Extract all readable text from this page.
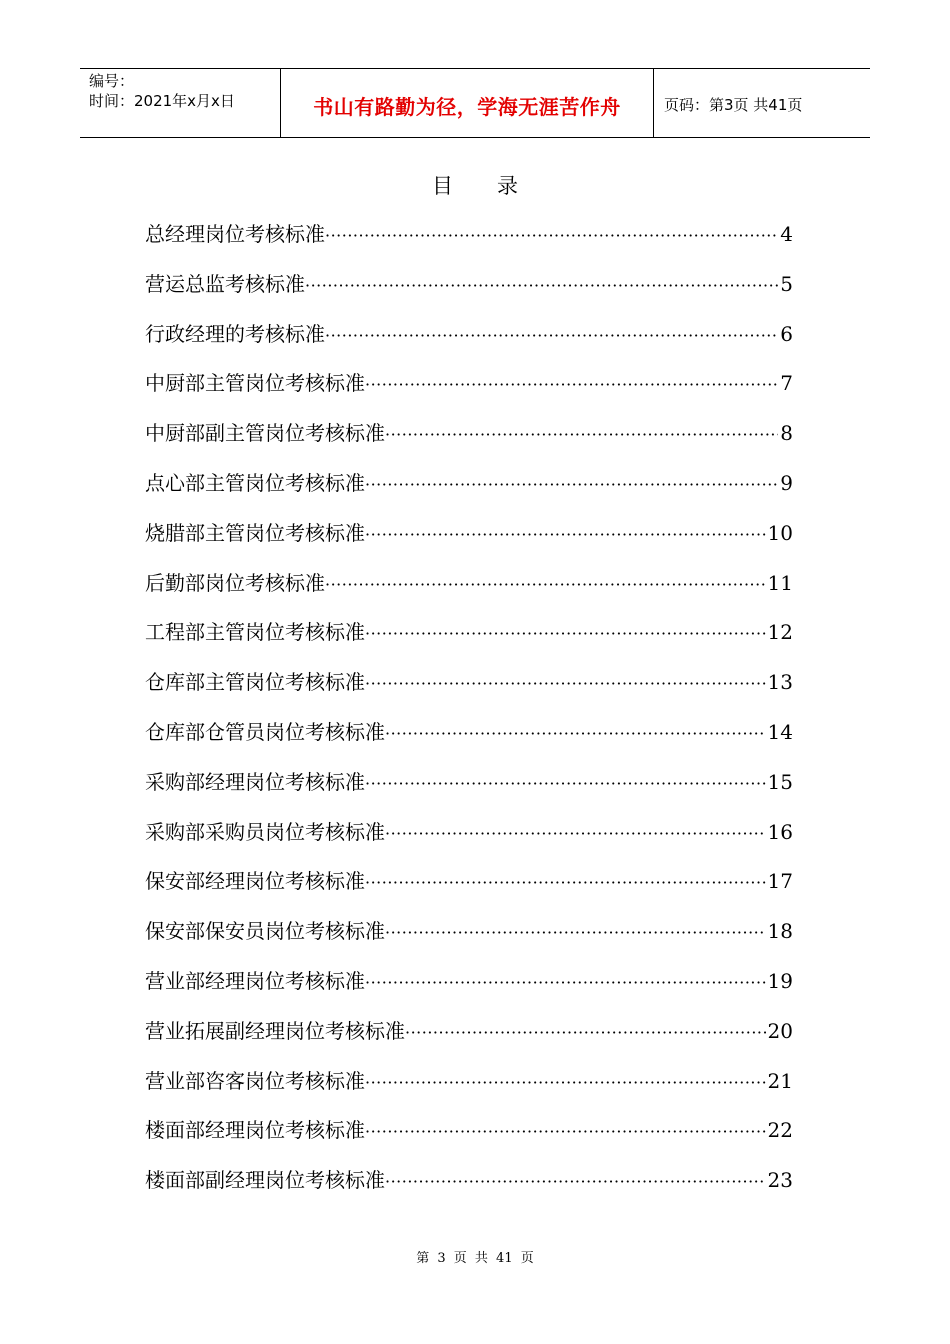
编号：
时间：2021年x月x日	书山有路勤为径，学海无涯苦作舟	页码：第3页 共41页
目录
总经理岗位考核标准 ·····	4
营运总监考核标准 ·····	5
行政经理的考核标准 ·····	6
中厨部主管岗位考核标准 ·····	7
中厨部副主管岗位考核标准 ·····	8
点心部主管岗位考核标准 ·····	9
烧腊部主管岗位考核标准 ·····	10
后勤部岗位考核标准 ·····	11
工程部主管岗位考核标准 ·····	12
仓库部主管岗位考核标准 ·····	13
仓库部仓管员岗位考核标准 ·····	14
采购部经理岗位考核标准 ·····	15
采购部采购员岗位考核标准 ·····	16
保安部经理岗位考核标准 ·····	17
保安部保安员岗位考核标准 ·····	18
营业部经理岗位考核标准 ·····	19
营业拓展副经理岗位考核标准 ·····	20
营业部咨客岗位考核标准 ·····	21
楼面部经理岗位考核标准 ·····	22
楼面部副经理岗位考核标准 ·····	23
第 3 页 共 41 页
